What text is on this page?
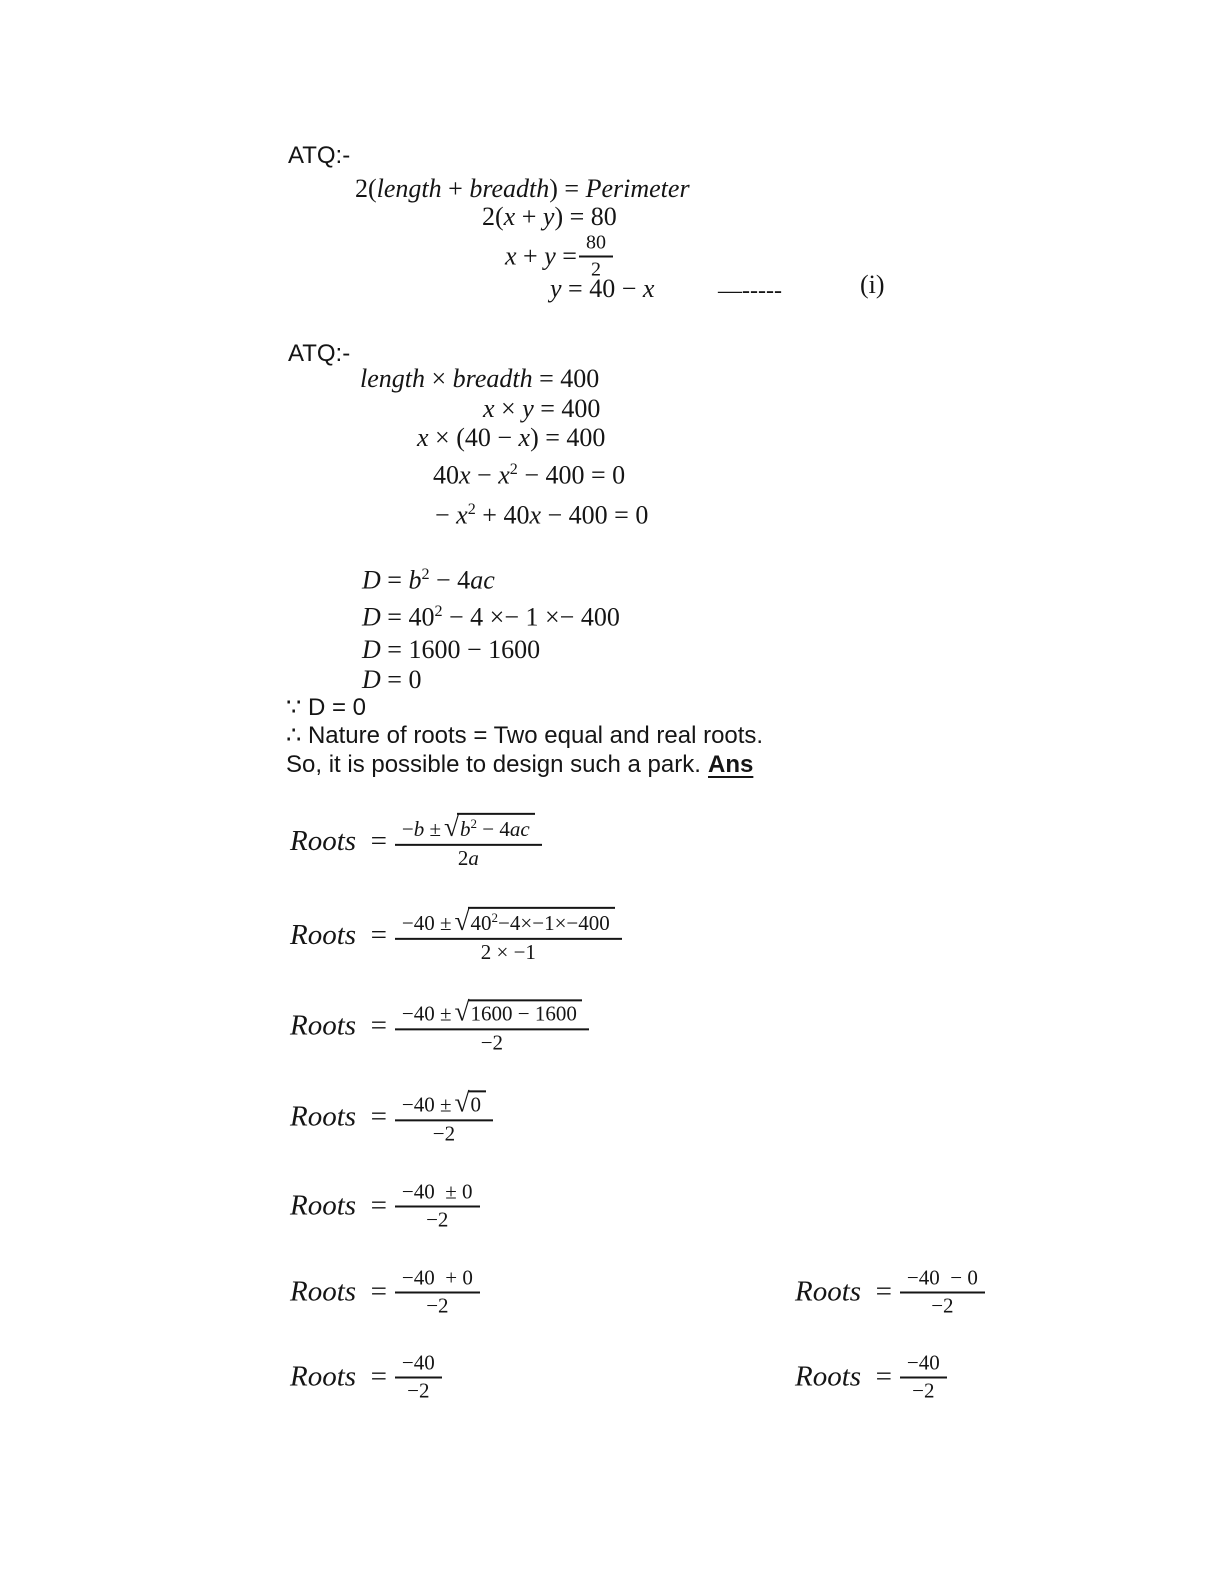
ATQ:-
2(length + breadth) = Perimeter
2(x + y) = 80
$x + y = \frac{80}{2}$
y = 40 − x	—-----	(i)
ATQ:-
length × breadth = 400
x × y = 400
x × (40 − x) = 400
$40x - x^2 - 400 = 0$
− $x^2 + 40x - 400 = 0$
$D = b^2 - 4ac$
$D = 40^2 - 4 \times- 1 \times- 400$
D = 1600 − 1600
D = 0
∵ D = 0
∴ Nature of roots = Two equal and real roots.
So, it is possible to design such a park. Ans
Roots  = $\frac{-b \pm √b^2 - 4ac}{2a}$
Roots  = $\frac{-40 \pm √40^2-4\times-1\times-400}{2 \times -1}$
Roots  = $\frac{-40 \pm √1600 - 1600}{-2}$
Roots  = $\frac{-40 \pm √0}{-2}$
Roots  = $\frac{-40 \pm 0}{-2}$
Roots  = $\frac{-40 + 0}{-2}$	Roots  = $\frac{-40 - 0}{-2}$
Roots  = $\frac{-40}{-2}$	Roots  = $\frac{-40}{-2}$
